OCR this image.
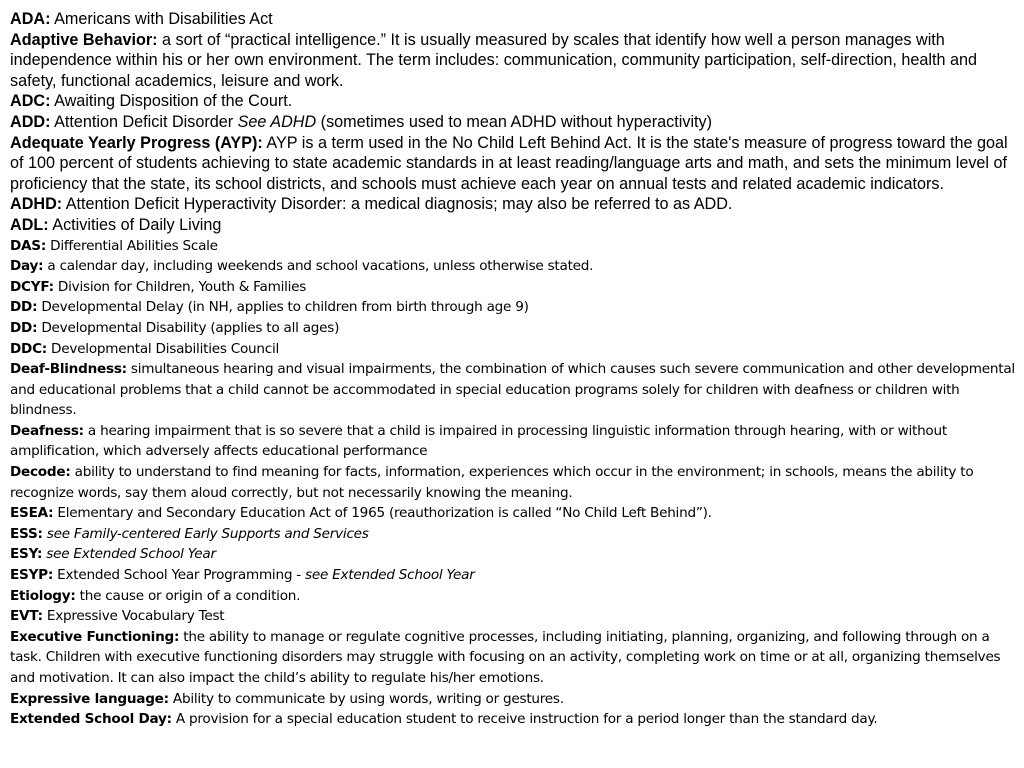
ADA: Americans with Disabilities Act
Adaptive Behavior: a sort of “practical intelligence.” It is usually measured by scales that identify how well a person manages with independence within his or her own environment. The term includes: communication, community participation, self-direction, health and safety, functional academics, leisure and work.
ADC: Awaiting Disposition of the Court.
ADD: Attention Deficit Disorder See ADHD (sometimes used to mean ADHD without hyperactivity)
Adequate Yearly Progress (AYP): AYP is a term used in the No Child Left Behind Act. It is the state's measure of progress toward the goal of 100 percent of students achieving to state academic standards in at least reading/language arts and math, and sets the minimum level of proficiency that the state, its school districts, and schools must achieve each year on annual tests and related academic indicators.
ADHD: Attention Deficit Hyperactivity Disorder: a medical diagnosis; may also be referred to as ADD.
ADL: Activities of Daily Living
DAS: Differential Abilities Scale
Day: a calendar day, including weekends and school vacations, unless otherwise stated.
DCYF: Division for Children, Youth & Families
DD: Developmental Delay (in NH, applies to children from birth through age 9)
DD: Developmental Disability (applies to all ages)
DDC: Developmental Disabilities Council
Deaf-Blindness: simultaneous hearing and visual impairments, the combination of which causes such severe communication and other developmental and educational problems that a child cannot be accommodated in special education programs solely for children with deafness or children with blindness.
Deafness: a hearing impairment that is so severe that a child is impaired in processing linguistic information through hearing, with or without amplification, which adversely affects educational performance
Decode: ability to understand to find meaning for facts, information, experiences which occur in the environment; in schools, means the ability to recognize words, say them aloud correctly, but not necessarily knowing the meaning.
ESEA: Elementary and Secondary Education Act of 1965 (reauthorization is called “No Child Left Behind”).
ESS: see Family-centered Early Supports and Services
ESY: see Extended School Year
ESYP: Extended School Year Programming - see Extended School Year
Etiology: the cause or origin of a condition.
EVT: Expressive Vocabulary Test
Executive Functioning: the ability to manage or regulate cognitive processes, including initiating, planning, organizing, and following through on a task. Children with executive functioning disorders may struggle with focusing on an activity, completing work on time or at all, organizing themselves and motivation. It can also impact the child’s ability to regulate his/her emotions.
Expressive language: Ability to communicate by using words, writing or gestures.
Extended School Day: A provision for a special education student to receive instruction for a period longer than the standard day.
